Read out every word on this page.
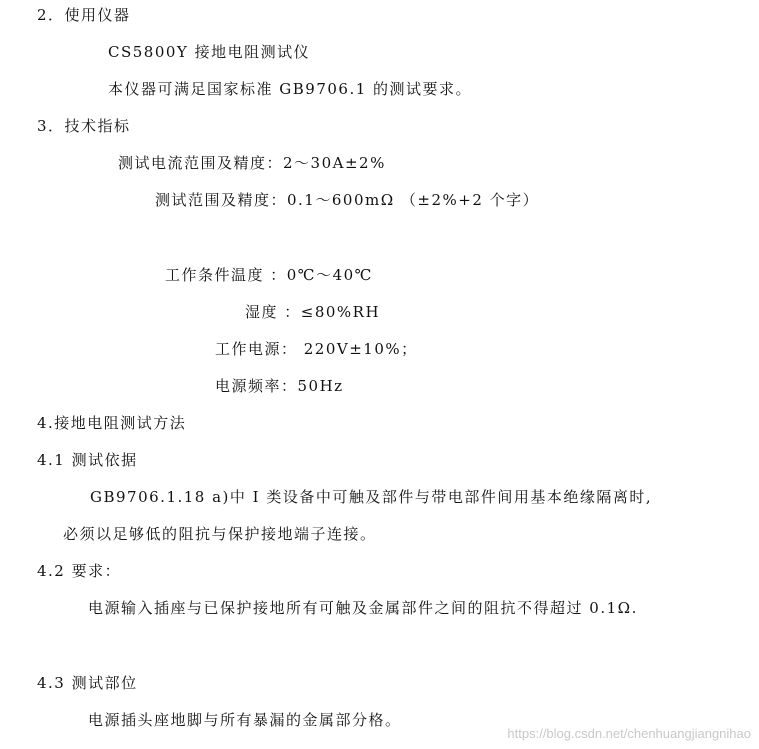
2．使用仪器
CS5800Y 接地电阻测试仪
本仪器可满足国家标准 GB9706.1 的测试要求。
3．技术指标
测试电流范围及精度：2～30A±2%
测试范围及精度：0.1～600mΩ （±2%+2 个字）
工作条件温度 ：0℃～40℃
湿度 ：≤80%RH
工作电源： 220V±10%；
电源频率：50Hz
4.接地电阻测试方法
4.1 测试依据
GB9706.1.18 a)中 I 类设备中可触及部件与带电部件间用基本绝缘隔离时,
必须以足够低的阻抗与保护接地端子连接。
4.2 要求：
电源输入插座与已保护接地所有可触及金属部件之间的阻抗不得超过 0.1Ω.
4.3 测试部位
电源插头座地脚与所有暴漏的金属部分格。
https://blog.csdn.net/chenhuangjiangnihao
